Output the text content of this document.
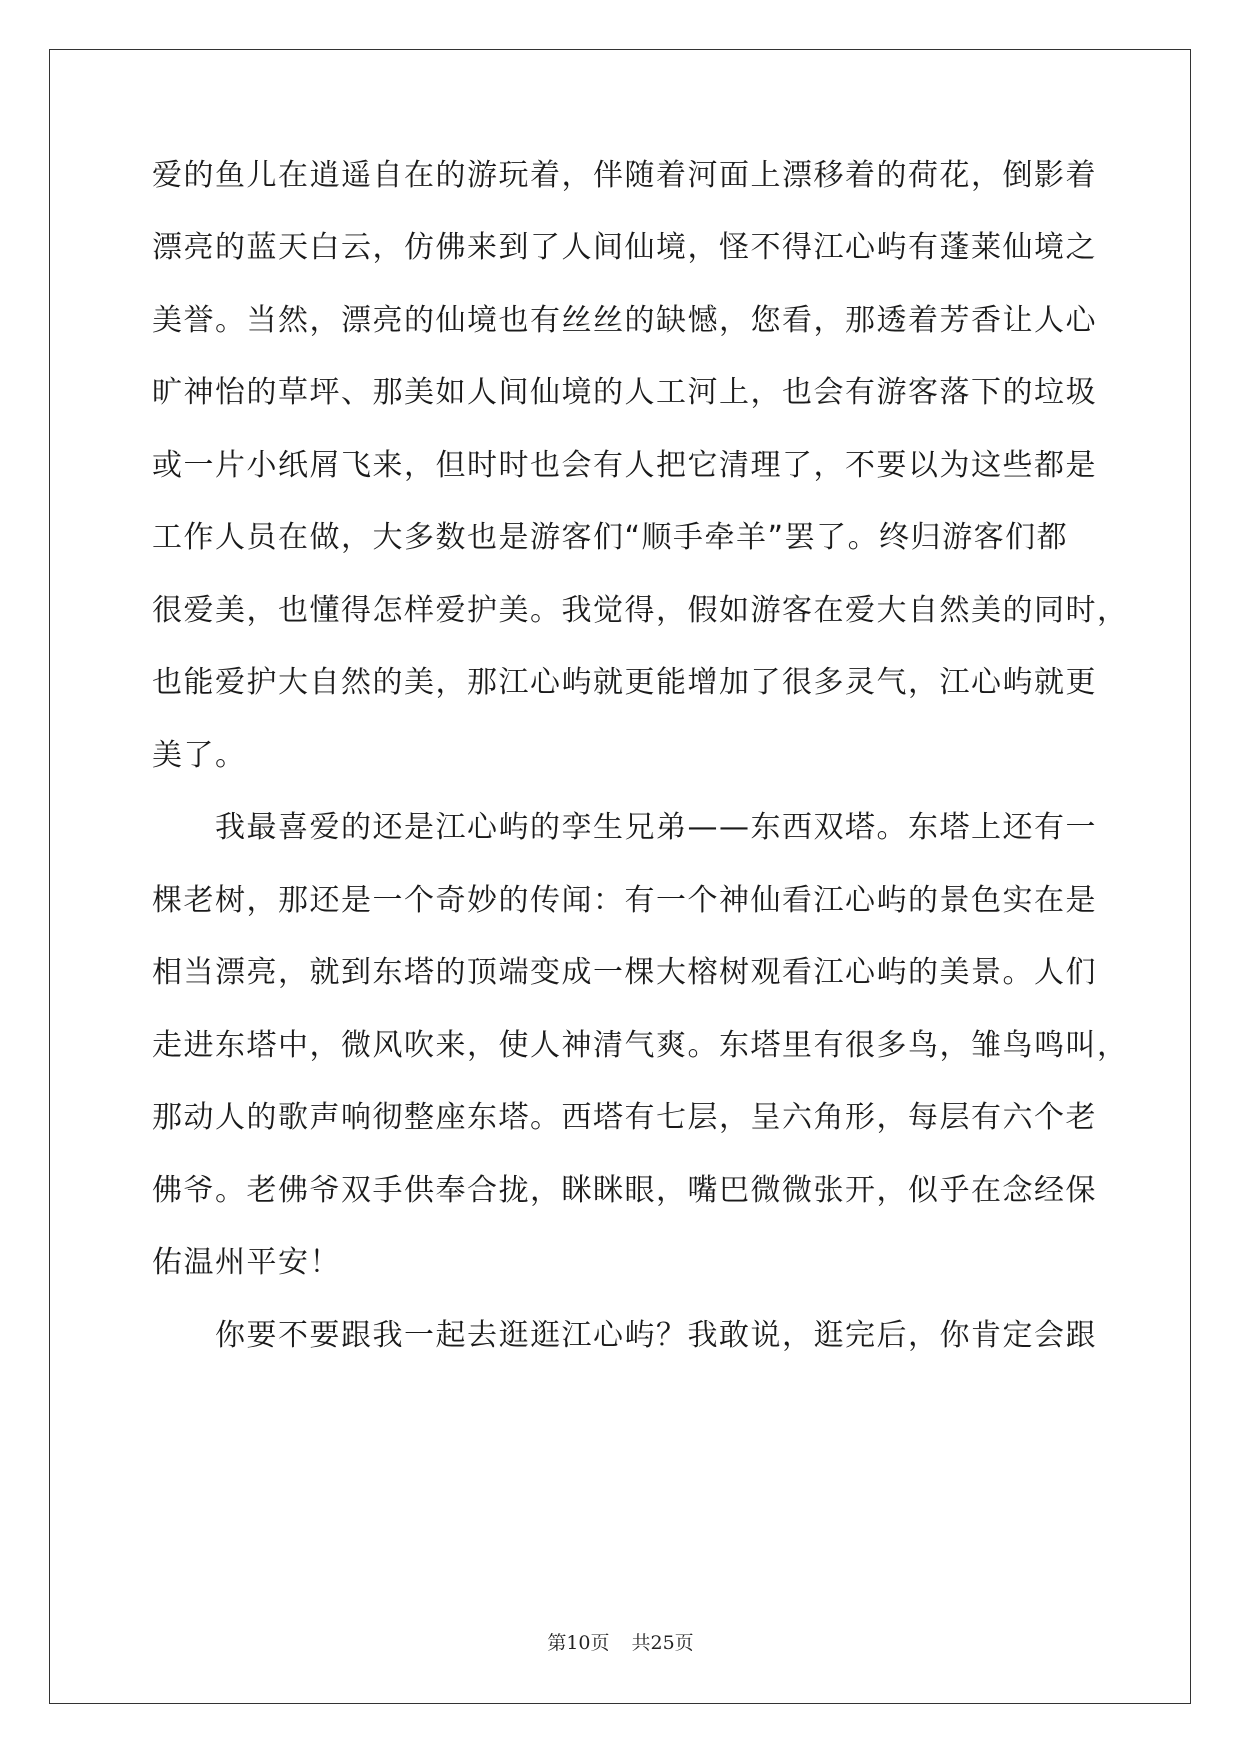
爱的鱼儿在逍遥自在的游玩着，伴随着河面上漂移着的荷花，倒影着
漂亮的蓝天白云，仿佛来到了人间仙境，怪不得江心屿有蓬莱仙境之
美誉。当然，漂亮的仙境也有丝丝的缺憾，您看，那透着芳香让人心
旷神怡的草坪、那美如人间仙境的人工河上，也会有游客落下的垃圾
或一片小纸屑飞来，但时时也会有人把它清理了，不要以为这些都是
工作人员在做，大多数也是游客们“顺手牵羊”罢了。终归游客们都
很爱美，也懂得怎样爱护美。我觉得，假如游客在爱大自然美的同时，
也能爱护大自然的美，那江心屿就更能增加了很多灵气，江心屿就更
美了。
　　我最喜爱的还是江心屿的孪生兄弟——东西双塔。东塔上还有一
棵老树，那还是一个奇妙的传闻：有一个神仙看江心屿的景色实在是
相当漂亮，就到东塔的顶端变成一棵大榕树观看江心屿的美景。人们
走进东塔中，微风吹来，使人神清气爽。东塔里有很多鸟，雏鸟鸣叫，
那动人的歌声响彻整座东塔。西塔有七层，呈六角形，每层有六个老
佛爷。老佛爷双手供奉合拢，眯眯眼，嘴巴微微张开，似乎在念经保
佑温州平安！
　　你要不要跟我一起去逛逛江心屿？我敢说，逛完后，你肯定会跟
第10页 共25页
